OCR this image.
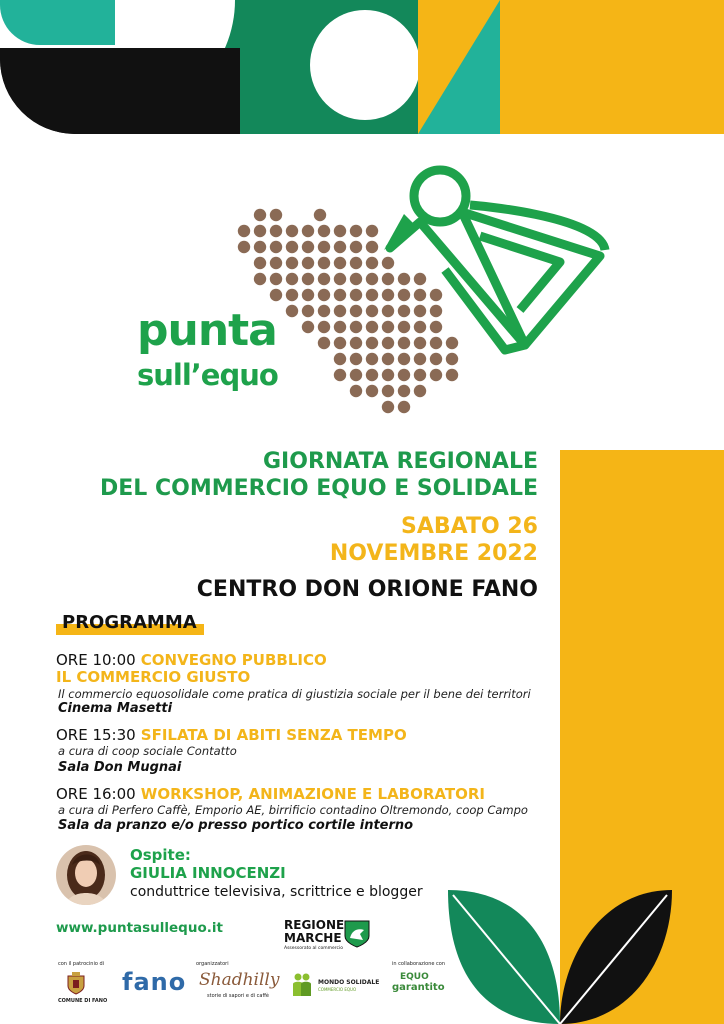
punta
sull’equo
GIORNATA REGIONALE
DEL COMMERCIO EQUO E SOLIDALE
SABATO 26
NOVEMBRE 2022
CENTRO DON ORIONE FANO
PROGRAMMA
ORE 10:00 CONVEGNO PUBBLICO
IL COMMERCIO GIUSTO
Il commercio equosolidale come pratica di giustizia sociale per il bene dei territori
Cinema Masetti
ORE 15:30 SFILATA DI ABITI SENZA TEMPO
a cura di coop sociale Contatto
Sala Don Mugnai
ORE 16:00 WORKSHOP, ANIMAZIONE E LABORATORI
a cura di Perfero Caffè, Emporio AE, birrificio contadino Oltremondo, coop Campo
Sala da pranzo e/o presso portico cortile interno
Ospite:
GIULIA INNOCENZI
conduttrice televisiva, scrittrice e blogger
www.puntasullequo.it	REGIONE
MARCHE
Assessorato al commercio
con il patrocinio di
COMUNE DI FANO
fano
organizzatori
Shadhilly
storie di sapori e di caffè
MONDO SOLIDALE
COMMERCIO EQUO
in collaborazione con
EQUO
garantito
